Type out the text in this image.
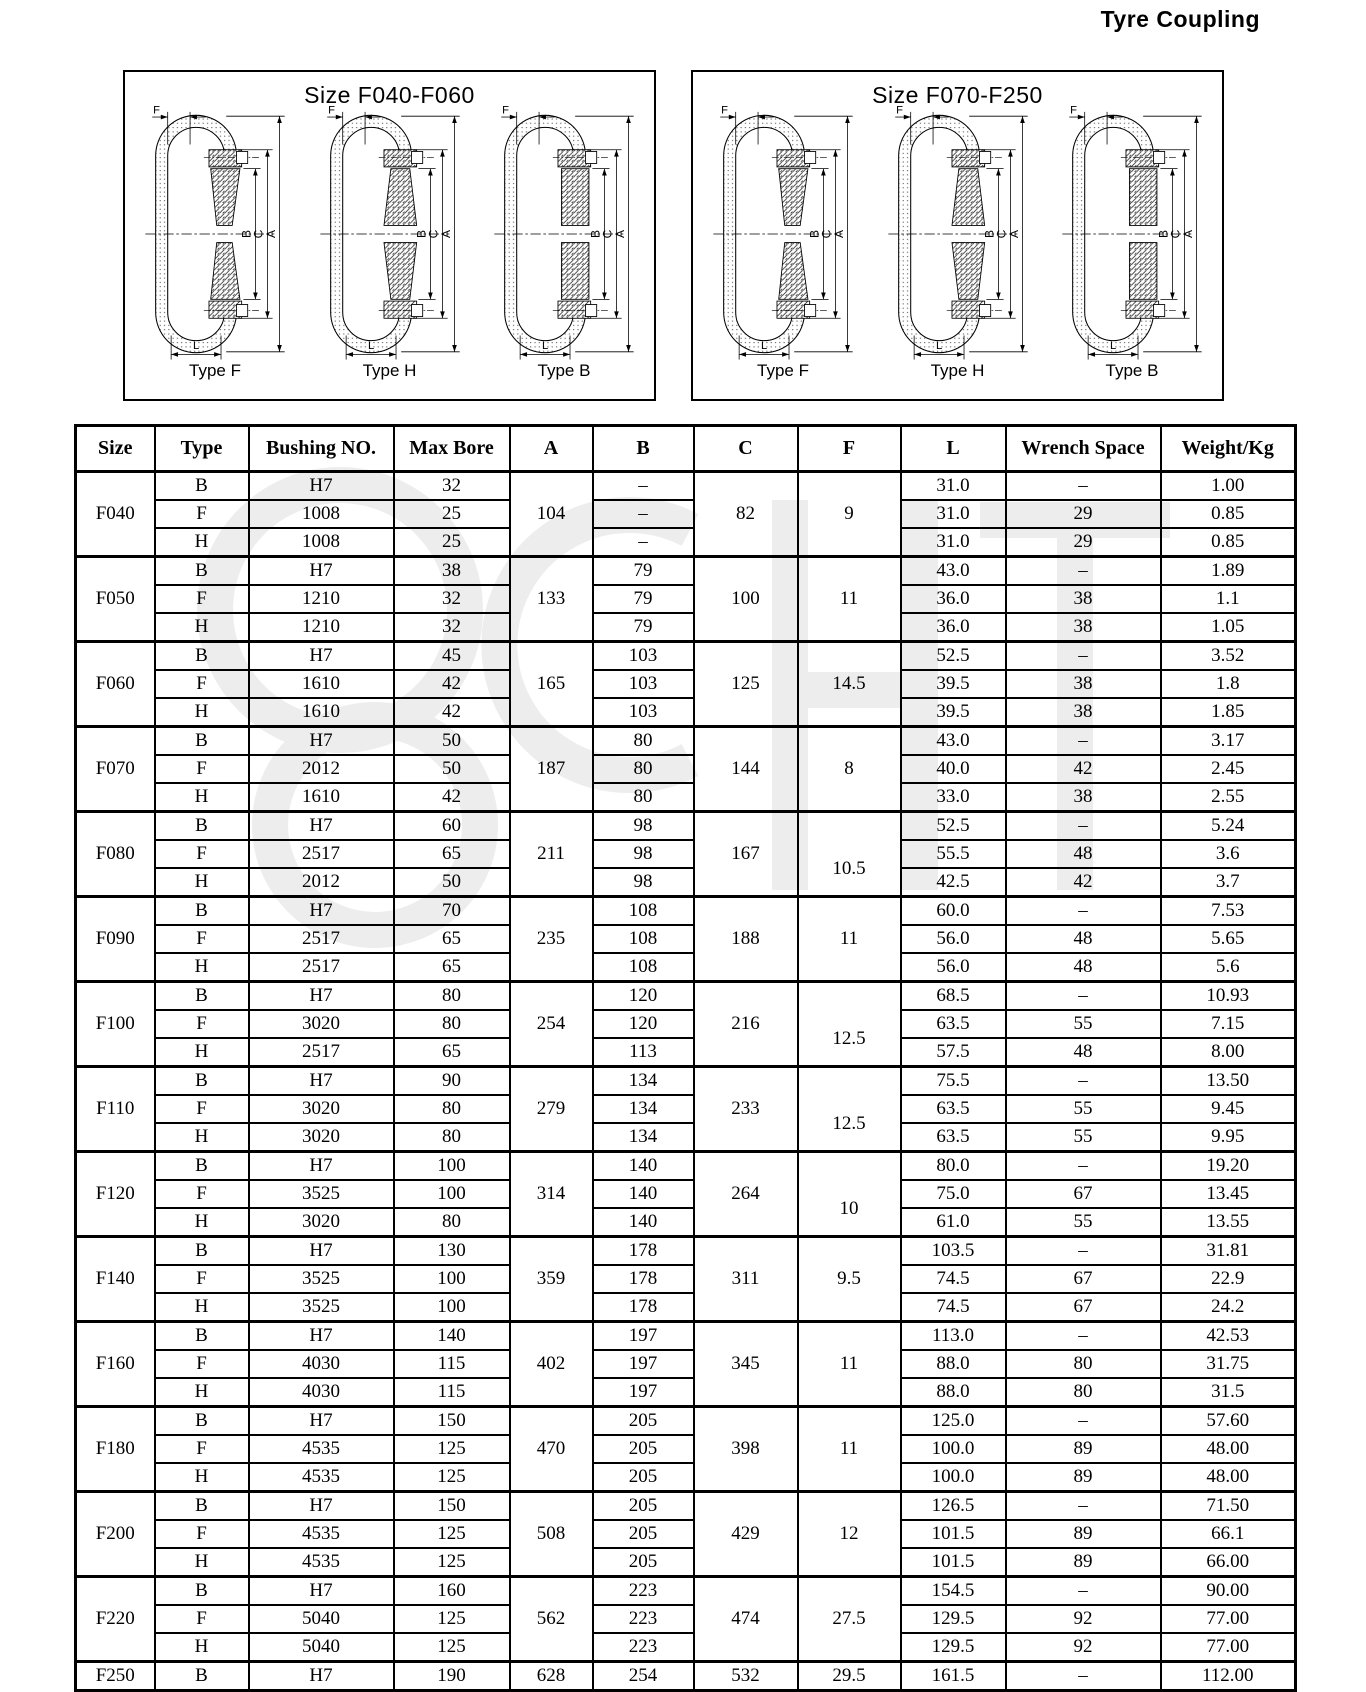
Tyre Coupling
Size F040-F060
F
B
C
A
L
Type F
F
B
C
A
L
Type H
F
B
C
A
L
Type B
Size F070-F250
F
B
C
A
L
Type F
F
B
C
A
L
Type H
F
B
C
A
L
Type B
Size	Type	Bushing NO.	Max Bore	A	B	C	F	L	Wrench Space	Weight/Kg
F040	B	H7	32	104	–	82	9	31.0	–	1.00
	F	1008	25		–			31.0	29	0.85
	H	1008	25		–			31.0	29	0.85
F050	B	H7	38	133	79	100	11	43.0	–	1.89
	F	1210	32		79			36.0	38	1.1
	H	1210	32		79			36.0	38	1.05
F060	B	H7	45	165	103	125	14.5	52.5	–	3.52
	F	1610	42		103			39.5	38	1.8
	H	1610	42		103			39.5	38	1.85
F070	B	H7	50	187	80	144	8	43.0	–	3.17
	F	2012	50		80			40.0	42	2.45
	H	1610	42		80			33.0	38	2.55
F080	B	H7	60	211	98	167	10.5	52.5	–	5.24
	F	2517	65		98			55.5	48	3.6
	H	2012	50		98			42.5	42	3.7
F090	B	H7	70	235	108	188	11	60.0	–	7.53
	F	2517	65		108			56.0	48	5.65
	H	2517	65		108			56.0	48	5.6
F100	B	H7	80	254	120	216	12.5	68.5	–	10.93
	F	3020	80		120			63.5	55	7.15
	H	2517	65		113			57.5	48	8.00
F110	B	H7	90	279	134	233	12.5	75.5	–	13.50
	F	3020	80		134			63.5	55	9.45
	H	3020	80		134			63.5	55	9.95
F120	B	H7	100	314	140	264	10	80.0	–	19.20
	F	3525	100		140			75.0	67	13.45
	H	3020	80		140			61.0	55	13.55
F140	B	H7	130	359	178	311	9.5	103.5	–	31.81
	F	3525	100		178			74.5	67	22.9
	H	3525	100		178			74.5	67	24.2
F160	B	H7	140	402	197	345	11	113.0	–	42.53
	F	4030	115		197			88.0	80	31.75
	H	4030	115		197			88.0	80	31.5
F180	B	H7	150	470	205	398	11	125.0	–	57.60
	F	4535	125		205			100.0	89	48.00
	H	4535	125		205			100.0	89	48.00
F200	B	H7	150	508	205	429	12	126.5	–	71.50
	F	4535	125		205			101.5	89	66.1
	H	4535	125		205			101.5	89	66.00
F220	B	H7	160	562	223	474	27.5	154.5	–	90.00
	F	5040	125		223			129.5	92	77.00
	H	5040	125		223			129.5	92	77.00
F250	B	H7	190	628	254	532	29.5	161.5	–	112.00
